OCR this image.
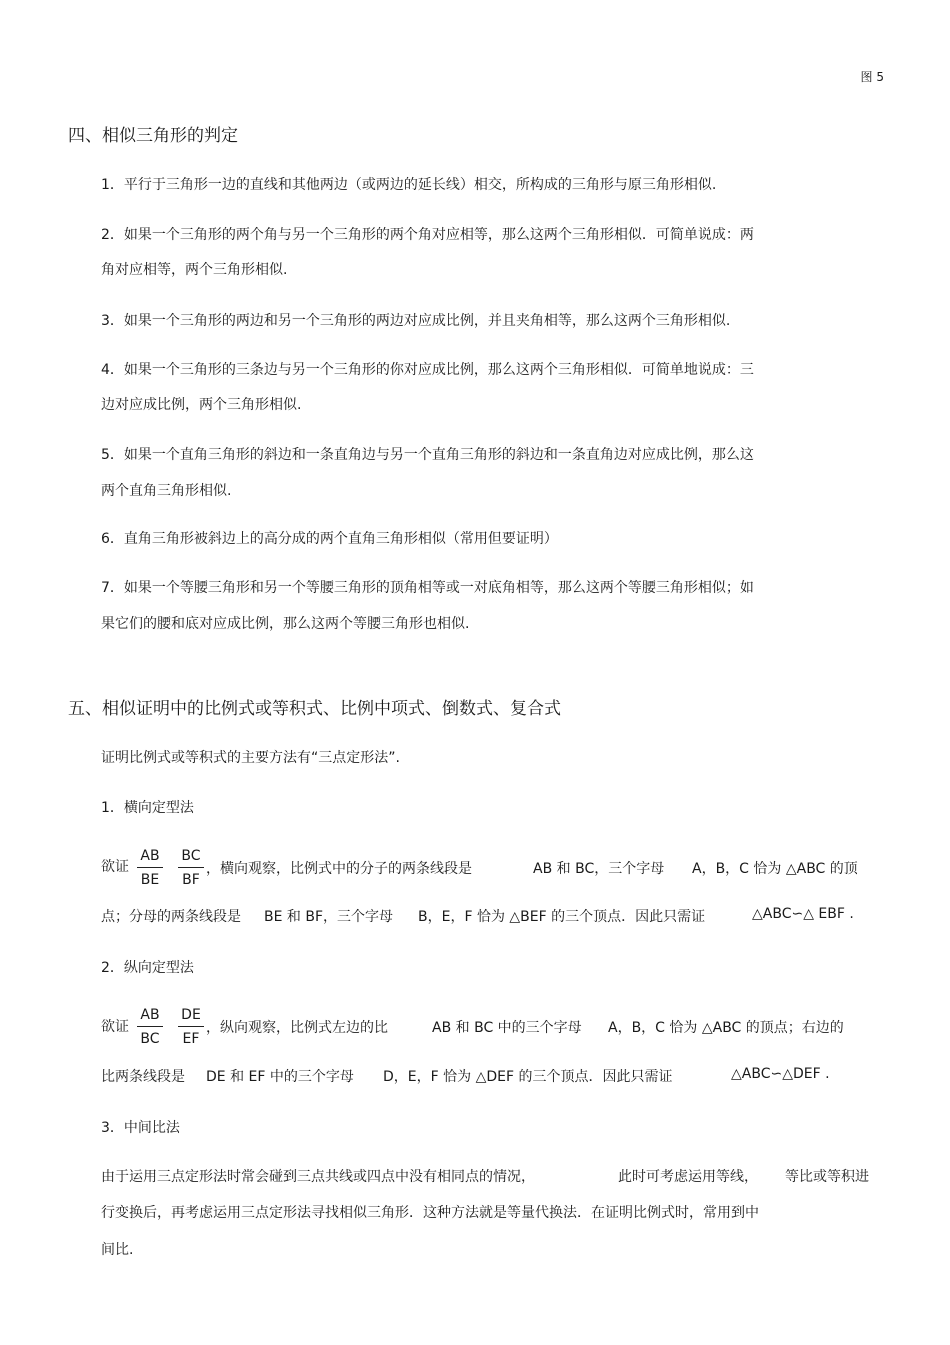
图 5
四、相似三角形的判定
1．平行于三角形一边的直线和其他两边（或两边的延长线）相交，所构成的三角形与原三角形相似.
2．如果一个三角形的两个角与另一个三角形的两个角对应相等，那么这两个三角形相似．可简单说成：两
角对应相等，两个三角形相似.
3．如果一个三角形的两边和另一个三角形的两边对应成比例，并且夹角相等，那么这两个三角形相似.
4．如果一个三角形的三条边与另一个三角形的你对应成比例，那么这两个三角形相似．可简单地说成：三
边对应成比例，两个三角形相似.
5．如果一个直角三角形的斜边和一条直角边与另一个直角三角形的斜边和一条直角边对应成比例，那么这
两个直角三角形相似.
6．直角三角形被斜边上的高分成的两个直角三角形相似（常用但要证明）
7．如果一个等腰三角形和另一个等腰三角形的顶角相等或一对底角相等，那么这两个等腰三角形相似；如
果它们的腰和底对应成比例，那么这两个等腰三角形也相似.
五、相似证明中的比例式或等积式、比例中项式、倒数式、复合式
证明比例式或等积式的主要方法有“三点定形法”.
1．横向定型法
欲证
AB
BE
BC
BF
，横向观察，比例式中的分子的两条线段是	AB 和 BC，三个字母 A，B，C 恰为 △ABC 的顶
点；分母的两条线段是 BE 和 BF，三个字母 B，E，F 恰为 △BEF 的三个顶点．因此只需证	△ABC∽△ EBF .
2．纵向定型法
欲证
AB
BC
DE
EF
，纵向观察，比例式左边的比	AB 和 BC 中的三个字母 A，B，C 恰为 △ABC 的顶点；右边的
比两条线段是 DE 和 EF 中的三个字母 D，E，F 恰为 △DEF 的三个顶点．因此只需证	△ABC∽△DEF .
3．中间比法
由于运用三点定形法时常会碰到三点共线或四点中没有相同点的情况，	此时可考虑运用等线， 等比或等积进
行变换后，再考虑运用三点定形法寻找相似三角形．这种方法就是等量代换法．在证明比例式时，常用到中
间比.
